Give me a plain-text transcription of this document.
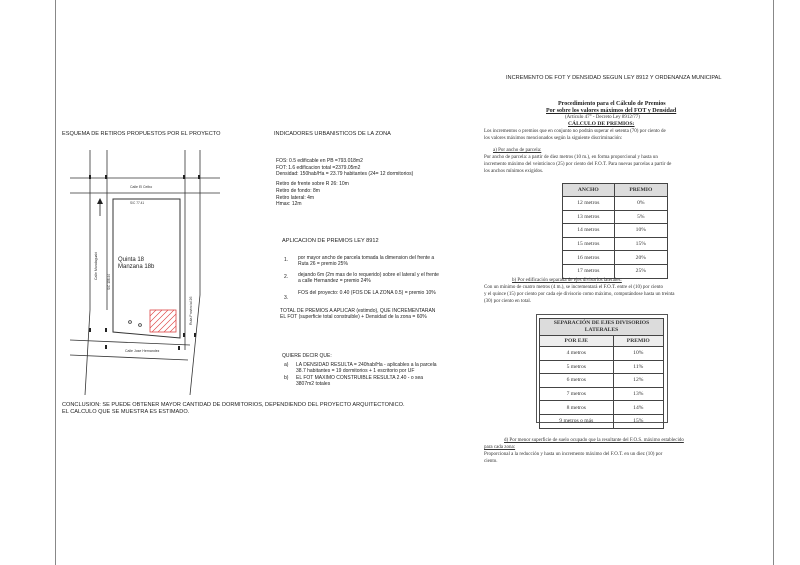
ESQUEMA DE RETIROS PROPUESTOS POR EL PROYECTO	INDICADORES URBANISTICOS DE LA ZONA
FOS: 0.5 edificable en PB =793.018m2
FOT: 1.6 edificacion total =2379.05m2
Densidad: 150hab/Ha = 23.79 habitantes (24= 12 dormitorios)
Retiro de frente sobre R 26: 10m
Retiro de fondo: 8m
Retiro lateral: 4m
Hmax: 12m
Calle El Ceibo
S/C 77.41
Calle Mandaguabi
S/C 106.44
Ruta Provincial 26
Calle Jose Hernandez
Quinta 18
Manzana 18b
APLICACION DE PREMIOS LEY 8912
1. por mayor ancho de parcela tomada la dimension del frente a
Ruta 26 = premio 25%
2. dejando 6m (2m mas de lo requerido) sobre el lateral y el frente
a calle Hernandez = premio 24%
3.
FOS del proyecto: 0.40 (FOS DE LA ZONA 0.5) = premio 10%
TOTAL DE PREMIOS A APLICAR (estimdo), QUE INCREMENTARAN
EL FOT (superficie total construible) + Densidad de la zona = 60%
QUIERE DECIR QUE:
a) LA DENSIDAD RESULTA = 240hab/Ha - aplicables a la parcela
38.7 habitantes = 19 dormitorios + 1 escritorio por UF
b) EL FOT MAXIMO CONSTRUIBLE RESULTA 2.40 - o sea
3807m2 totales
CONCLUSION: SE PUEDE OBTENER MAYOR CANTIDAD DE DORMITORIOS, DEPENDIENDO DEL PROYECTO ARQUITECTONICO.
EL CALCULO QUE SE MUESTRA ES ESTIMADO.
INCREMENTO DE FOT Y DENSIDAD SEGUN LEY 8912 Y ORDENANZA MUNICIPAL
Procedimiento para el Cálculo de Premios
Por sobre los valores máximos del FOT y Densidad
(Artículo 47° - Decreto Ley 8912/77)
CÁLCULO DE PREMIOS:
Los incrementos o premios que en conjunto no podrán superar el setenta (70) por ciento de
los valores máximos mencionados según la siguiente discriminación:
a) Por ancho de parcela:
Por ancho de parcela: a partir de diez metros (10 m.), en forma proporcional y hasta un
incremento máximo del veinticinco (25) por ciento del F.O.T. Para nuevas parcelas a partir de
los anchos mínimos exigidos.
ANCHO	PREMIO
12 metros	0%
13 metros	5%
14 metros	10%
15 metros	15%
16 metros	20%
17 metros	25%
b) Por edificación separada de ejes divisorios laterales:
Con un mínimo de cuatro metros (4 m.), se incrementará el F.O.T. entre el (10) por ciento
y el quince (15) por ciento por cada eje divisorio como máximo, computándose hasta un treinta
(30) por ciento en total.
SEPARACIÓN DE EJES DIVISORIOS
LATERALES	
POR EJE	PREMIO
4 metros	10%
5 metros	11%
6 metros	12%
7 metros	13%
8 metros	14%
9 metros o más	15%
d) Por menor superficie de suelo ocupado que la resultante del F.O.S. máximo establecido
para cada zona:
Proporcional a la reducción y hasta un incremento máximo del F.O.T. en un diez (10) por
ciento.
